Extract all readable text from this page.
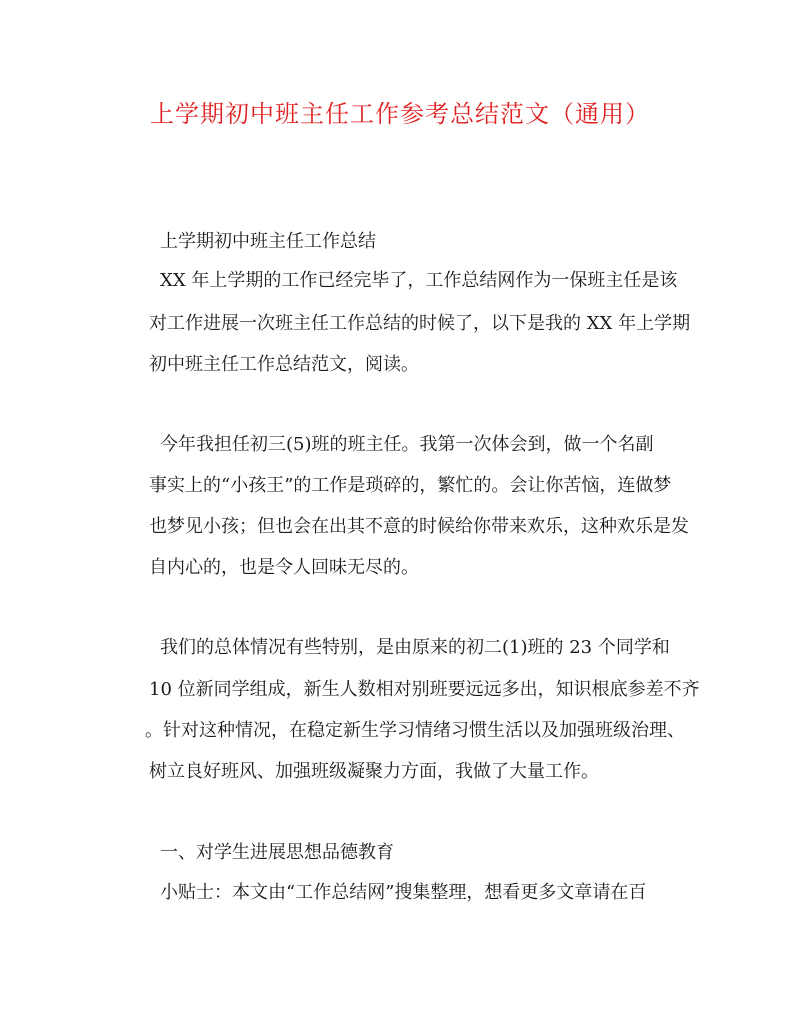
上学期初中班主任工作参考总结范文（通用）
上学期初中班主任工作总结
XX 年上学期的工作已经完毕了，工作总结网作为一保班主任是该
对工作进展一次班主任工作总结的时候了，以下是我的 XX 年上学期
初中班主任工作总结范文，阅读。
今年我担任初三(5)班的班主任。我第一次体会到，做一个名副
事实上的“小孩王”的工作是琐碎的，繁忙的。会让你苦恼，连做梦
也梦见小孩；但也会在出其不意的时候给你带来欢乐，这种欢乐是发
自内心的，也是令人回味无尽的。
我们的总体情况有些特别，是由原来的初二(1)班的 23 个同学和
10 位新同学组成，新生人数相对别班要远远多出，知识根底参差不齐
。针对这种情况，在稳定新生学习情绪习惯生活以及加强班级治理、
树立良好班风、加强班级凝聚力方面，我做了大量工作。
一、对学生进展思想品德教育
小贴士：本文由“工作总结网”搜集整理，想看更多文章请在百
